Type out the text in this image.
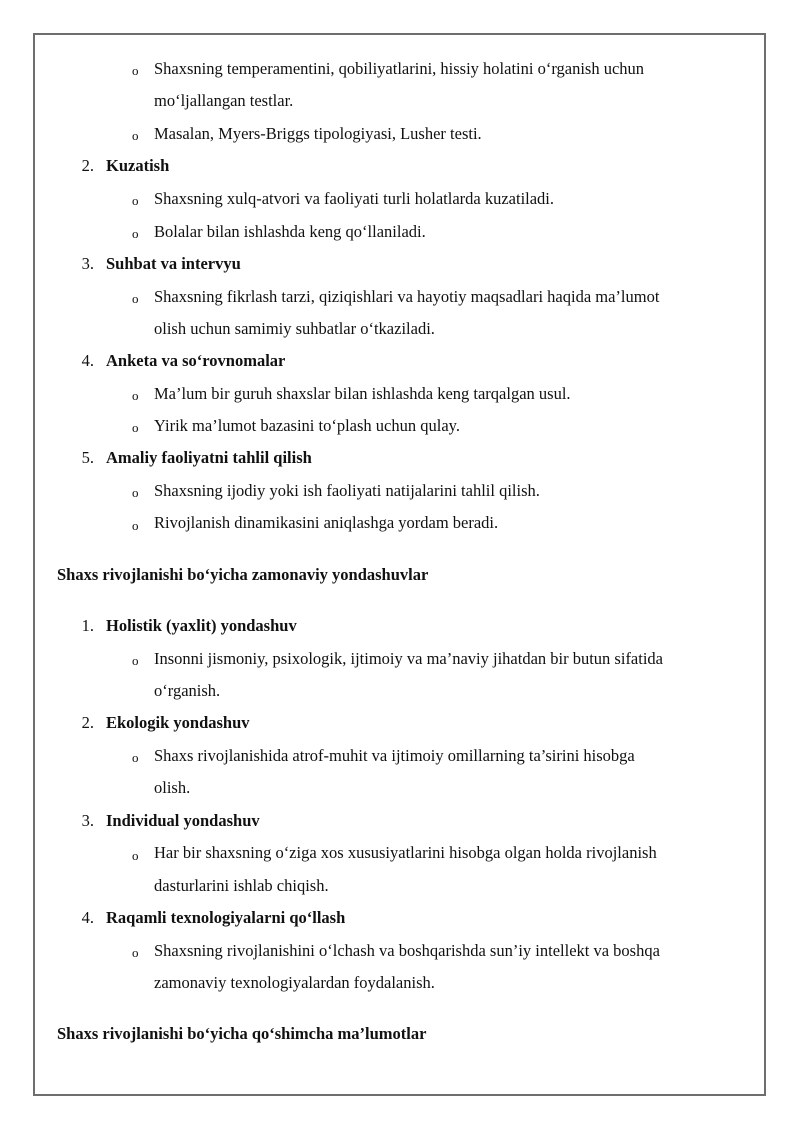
o Shaxsning temperamentini, qobiliyatlarini, hissiy holatini o‘rganish uchun
mo‘ljallangan testlar.
o Masalan, Myers-Briggs tipologiyasi, Lusher testi.
2. Kuzatish
o Shaxsning xulq-atvori va faoliyati turli holatlarda kuzatiladi.
o Bolalar bilan ishlashda keng qo‘llaniladi.
3. Suhbat va intervyu
o Shaxsning fikrlash tarzi, qiziqishlari va hayotiy maqsadlari haqida ma’lumot
olish uchun samimiy suhbatlar o‘tkaziladi.
4. Anketa va so‘rovnomalar
o Ma’lum bir guruh shaxslar bilan ishlashda keng tarqalgan usul.
o Yirik ma’lumot bazasini to‘plash uchun qulay.
5. Amaliy faoliyatni tahlil qilish
o Shaxsning ijodiy yoki ish faoliyati natijalarini tahlil qilish.
o Rivojlanish dinamikasini aniqlashga yordam beradi.
Shaxs rivojlanishi bo‘yicha zamonaviy yondashuvlar
1. Holistik (yaxlit) yondashuv
o Insonni jismoniy, psixologik, ijtimoiy va ma’naviy jihatdan bir butun sifatida
o‘rganish.
2. Ekologik yondashuv
o Shaxs rivojlanishida atrof-muhit va ijtimoiy omillarning ta’sirini hisobga
olish.
3. Individual yondashuv
o Har bir shaxsning o‘ziga xos xususiyatlarini hisobga olgan holda rivojlanish
dasturlarini ishlab chiqish.
4. Raqamli texnologiyalarni qo‘llash
o Shaxsning rivojlanishini o‘lchash va boshqarishda sun’iy intellekt va boshqa
zamonaviy texnologiyalardan foydalanish.
Shaxs rivojlanishi bo‘yicha qo‘shimcha ma’lumotlar
